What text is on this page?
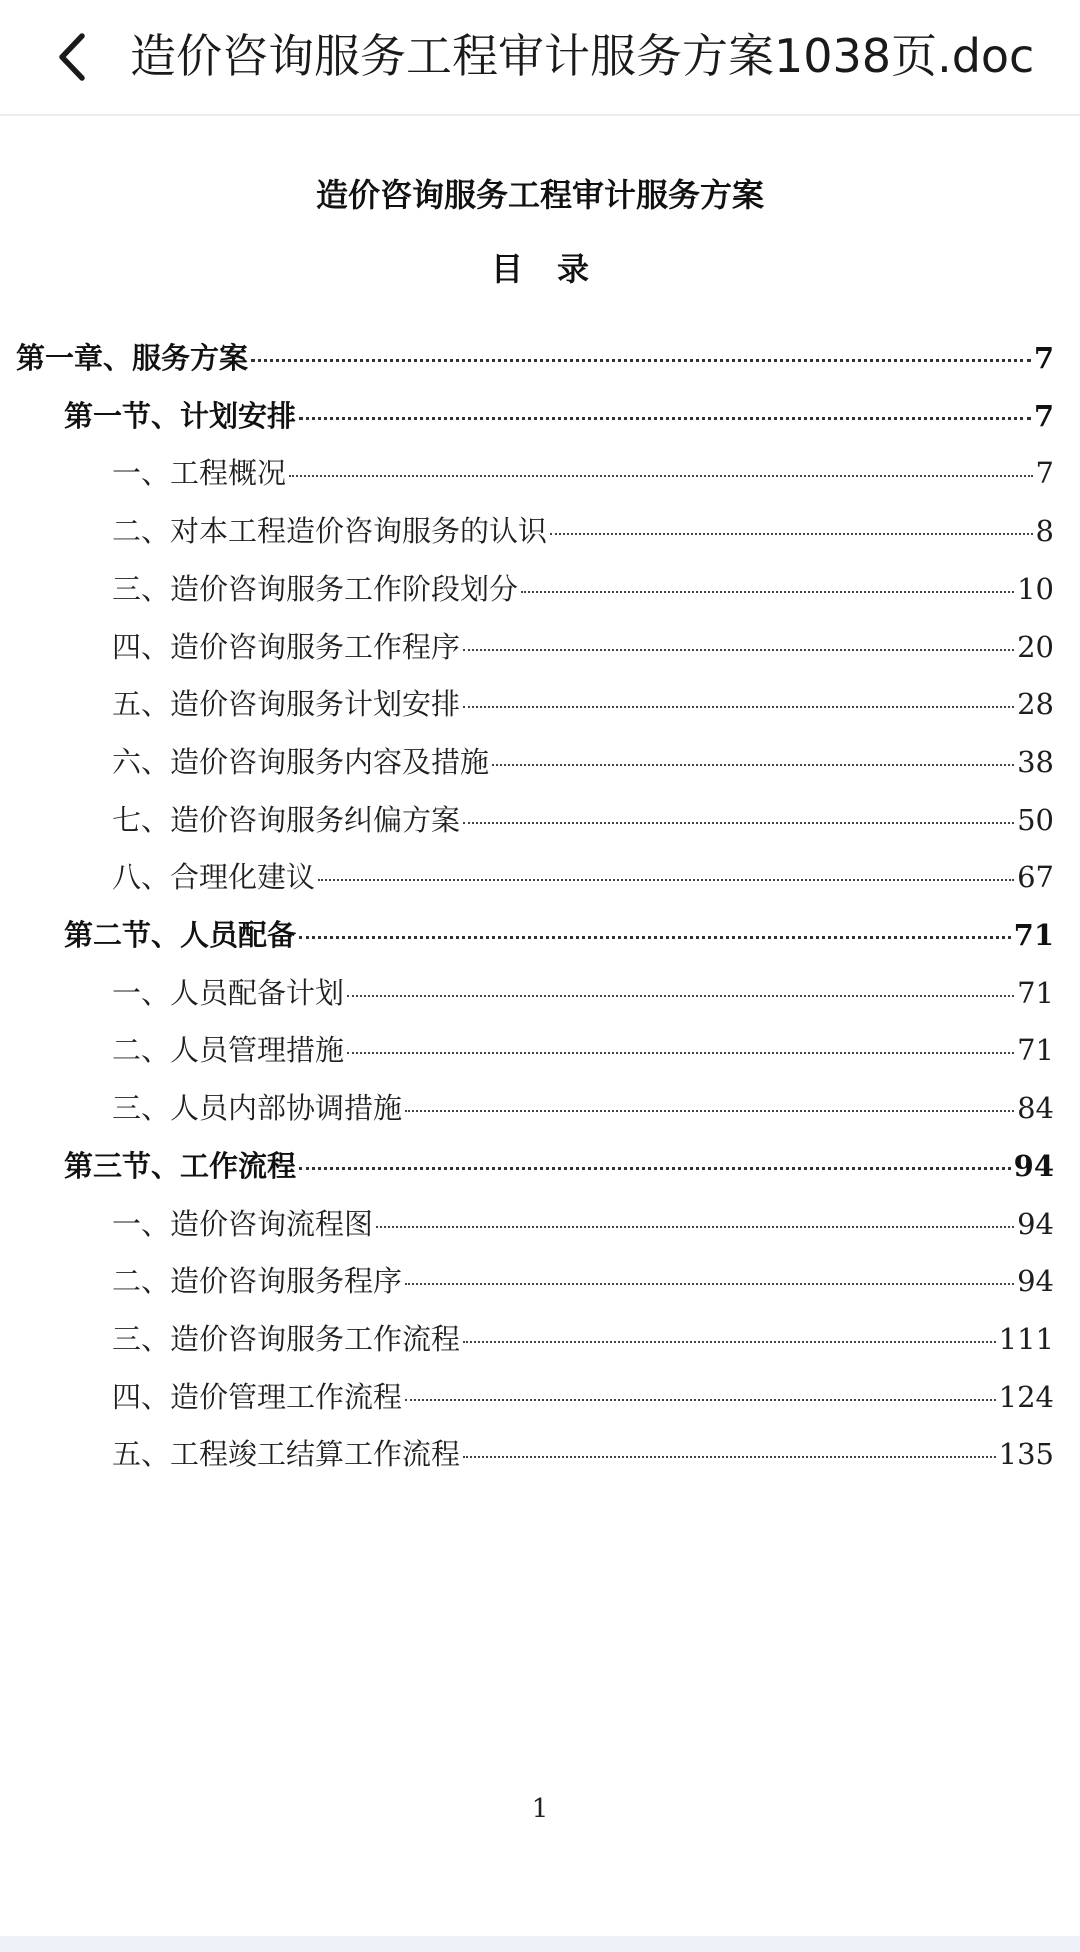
造价咨询服务工程审计服务方案1038页.doc
造价咨询服务工程审计服务方案
目录
第一章、服务方案	7
第一节、计划安排	7
一、工程概况	7
二、对本工程造价咨询服务的认识	8
三、造价咨询服务工作阶段划分	10
四、造价咨询服务工作程序	20
五、造价咨询服务计划安排	28
六、造价咨询服务内容及措施	38
七、造价咨询服务纠偏方案	50
八、合理化建议	67
第二节、人员配备	71
一、人员配备计划	71
二、人员管理措施	71
三、人员内部协调措施	84
第三节、工作流程	94
一、造价咨询流程图	94
二、造价咨询服务程序	94
三、造价咨询服务工作流程	111
四、造价管理工作流程	124
五、工程竣工结算工作流程	135
1
